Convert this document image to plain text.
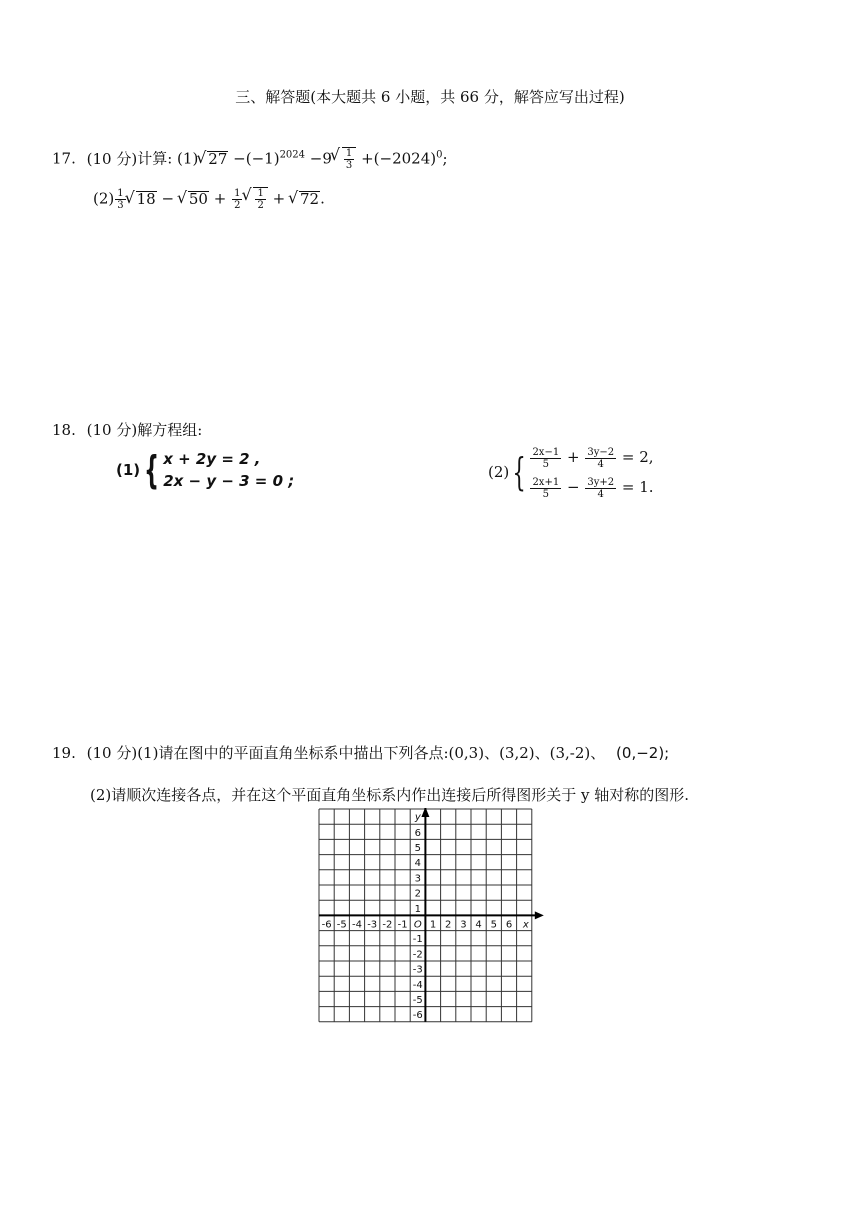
三、解答题(本大题共 6 小题，共 66 分，解答应写出过程)
17. (10 分)计算: (1) √ $27 -(-1)^{2024} -9$ √ $\frac{1}{3} +(-2024)^0$;
$(2) \frac{1}{3}$ √ 18 − √ $50 + \frac{1}{2}$ √ $\frac{1}{2}$ + √ 72.
18. (10 分)解方程组:
(1) { x + 2y = 2 ,
2x − y − 3 = 0 ;	(2) { $\frac{2x-1}{5} + \frac{3y-2}{4} = 2$,
$\frac{2x+1}{5} - \frac{3y+2}{4} = 1$.
19. (10 分)(1)请在图中的平面直角坐标系中描出下列各点:(0,3)、(3,2)、(3,-2)、 (0,−2);
(2)请顺次连接各点，并在这个平面直角坐标系内作出连接后所得图形关于 y 轴对称的图形.
-6 -5 -4 -3 -2 -1 1 2 3 4 5 6
6
5
4
3
2
1
-1
-2
-3
-4
-5
-6
O	x
y
